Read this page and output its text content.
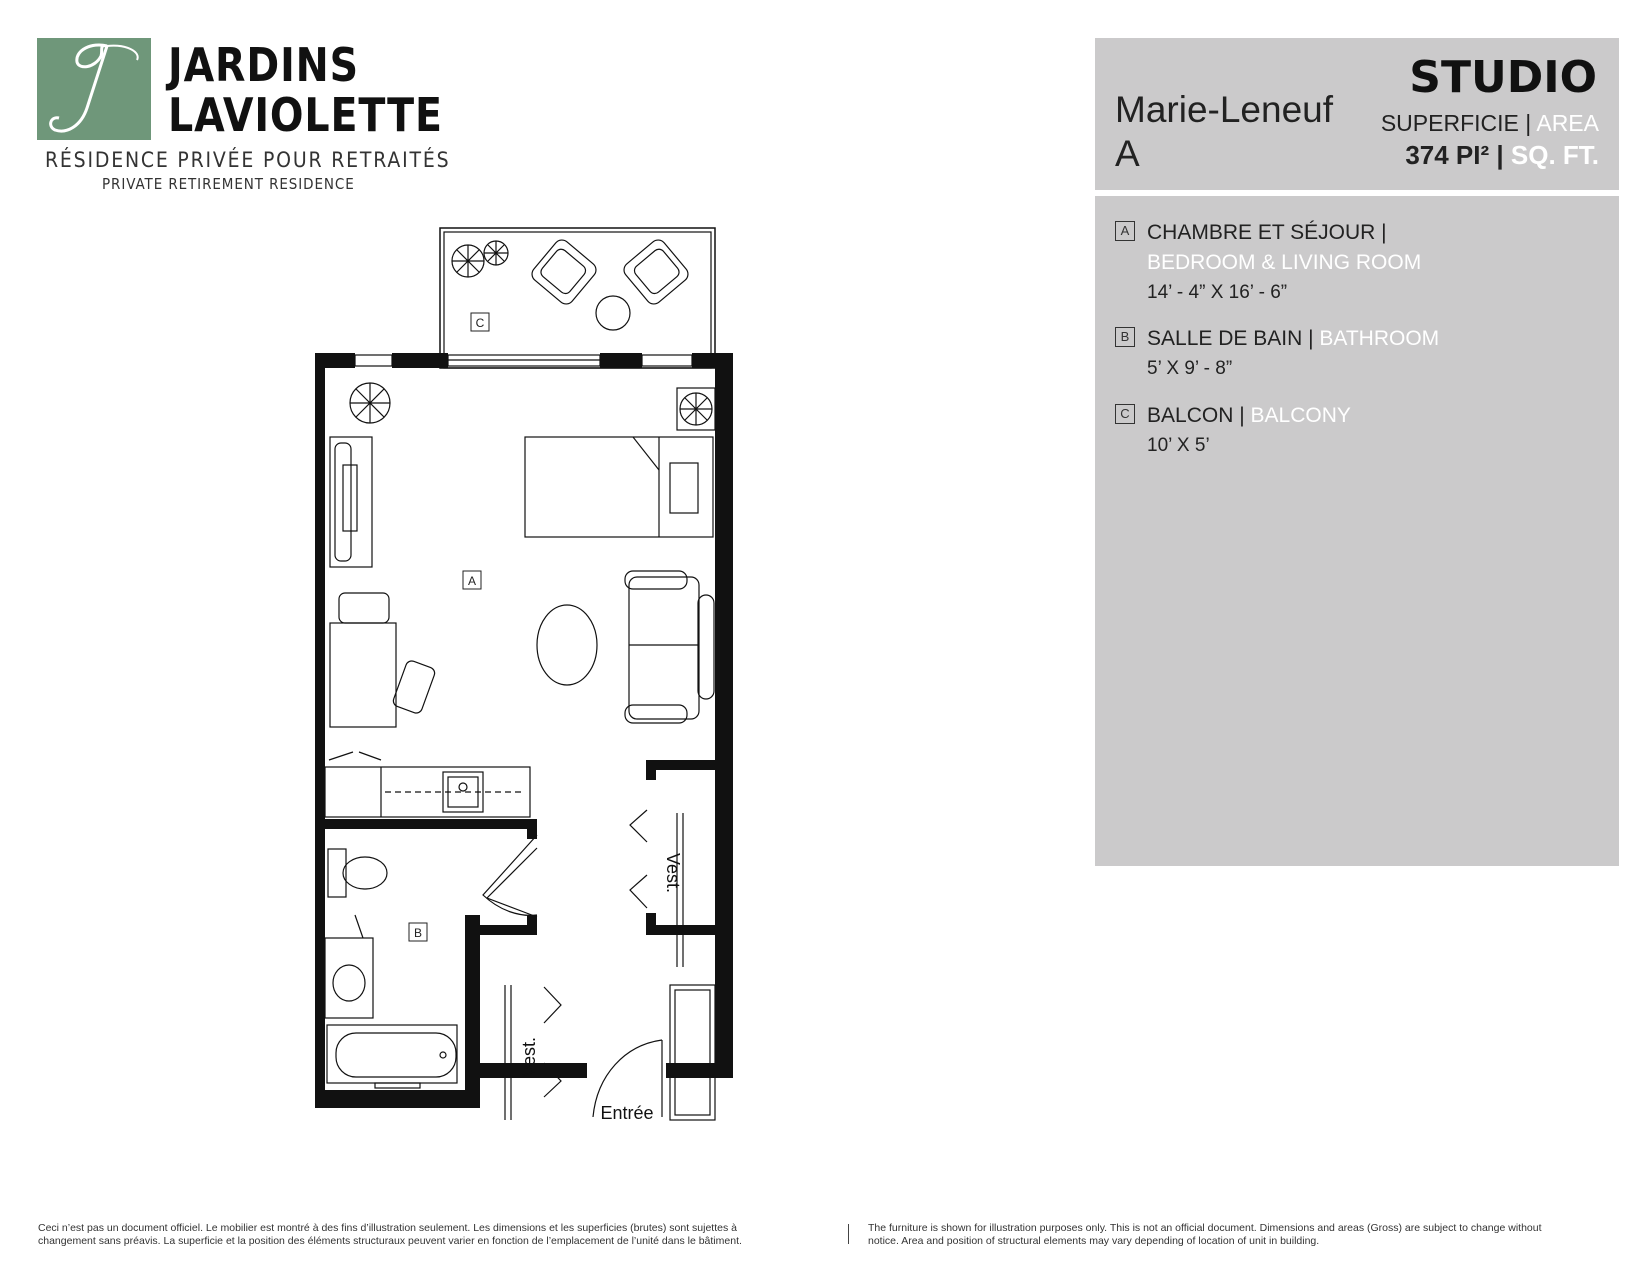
JARDINS
LAVIOLETTE
RÉSIDENCE PRIVÉE POUR RETRAITÉS
PRIVATE RETIREMENT RESIDENCE
STUDIO
Marie-Leneuf
A
SUPERFICIE | AREA
374 PI² | SQ. FT.
A CHAMBRE ET SÉJOUR |
BEDROOM & LIVING ROOM
14’ - 4” X 16’ - 6”
B SALLE DE BAIN | BATHROOM
5’ X 9’ - 8”
C BALCON | BALCONY
10’ X 5’
A
B
C
Vest.
Vest.
Entrée
Ceci n’est pas un document officiel. Le mobilier est montré à des fins d’illustration seulement. Les dimensions et les superficies (brutes) sont sujettes à
changement sans préavis. La superficie et la position des éléments structuraux peuvent varier en fonction de l’emplacement de l’unité dans le bâtiment.
The furniture is shown for illustration purposes only. This is not an official document. Dimensions and areas (Gross) are subject to change without
notice. Area and position of structural elements may vary depending of location of unit in building.
